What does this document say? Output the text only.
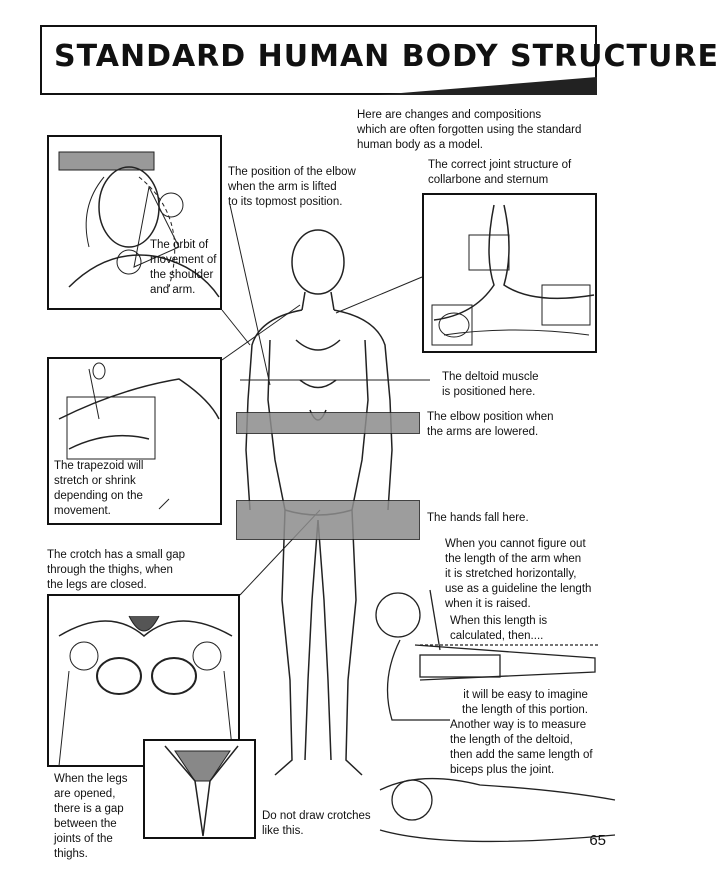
STANDARD HUMAN BODY STRUCTURE
The orbit of
movement of
the shoulder
and arm.
The trapezoid will
stretch or shrink
depending on the
movement.
When the legs
are opened,
there is a gap
between the
joints of the
thighs.
Here are changes and compositions
which are often forgotten using the standard
human body as a model.
The position of the elbow
when the arm is lifted
to its topmost position.
The correct joint structure of
collarbone and sternum
The deltoid muscle
is positioned here.
The elbow position when
the arms are lowered.
The hands fall here.
The crotch has a small gap
through the thighs, when
the legs are closed.
When you cannot figure out
the length of the arm when
it is stretched horizontally,
use as a guideline the length
when it is raised.
When this length is
calculated, then....
it will be easy to imagine
the length of this portion.
Another way is to measure
the length of the deltoid,
then add the same length of
biceps plus the joint.
Do not draw crotches
like this.
65
